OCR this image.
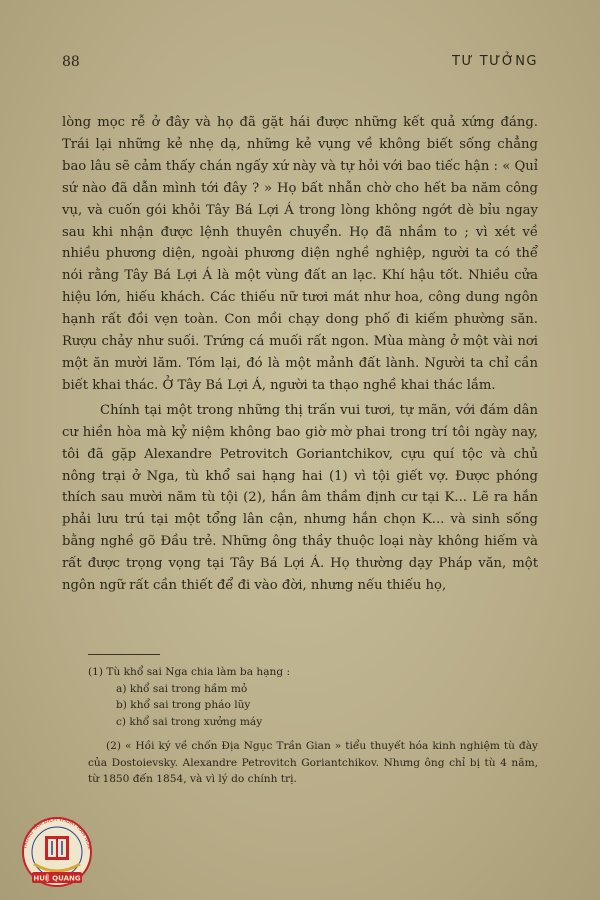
88	TƯ TƯỞNG

lòng mọc rễ ở đây và họ đã gặt hái được những kết quả xứng đáng. Trái lại những kẻ nhẹ dạ, những kẻ vụng về không biết sống chẳng bao lâu sẽ cảm thấy chán ngấy xứ này và tự hỏi với bao tiếc hận : « Quỉ sứ nào đã dẫn mình tới đây ? » Họ bất nhẫn chờ cho hết ba năm công vụ, và cuốn gói khỏi Tây Bá Lợi Á trong lòng không ngớt dè bỉu ngay sau khi nhận được lệnh thuyên chuyển. Họ đã nhầm to ; vì xét về nhiều phương diện, ngoài phương diện nghề nghiệp, người ta có thể nói rằng Tây Bá Lợi Á là một vùng đất an lạc. Khí hậu tốt. Nhiều cửa hiệu lớn, hiếu khách. Các thiếu nữ tươi mát như hoa, công dung ngôn hạnh rất đồi vẹn toàn. Con mồi chạy dong phố đi kiếm phường săn. Rượu chảy như suối. Trứng cá muối rất ngon. Mùa màng ở một vài nơi một ăn mười lăm. Tóm lại, đó là một mảnh đất lành. Người ta chỉ cần biết khai thác. Ở Tây Bá Lợi Á, người ta thạo nghề khai thác lắm.

Chính tại một trong những thị trấn vui tươi, tự mãn, với đám dân cư hiền hòa mà kỷ niệm không bao giờ mờ phai trong trí tôi ngày nay, tôi đã gặp Alexandre Petrovitch Goriantchikov, cựu quí tộc và chủ nông trại ở Nga, tù khổ sai hạng hai (1) vì tội giết vợ. Được phóng thích sau mười năm tù tội (2), hắn âm thầm định cư tại K... Lẽ ra hắn phải lưu trú tại một tổng lân cận, nhưng hắn chọn K... và sinh sống bằng nghề gõ Đầu trẻ. Những ông thầy thuộc loại này không hiếm và rất được trọng vọng tại Tây Bá Lợi Á. Họ thường dạy Pháp văn, một ngôn ngữ rất cần thiết để đi vào đời, nhưng nếu thiếu họ,

(1) Tù khổ sai Nga chia làm ba hạng :

a) khổ sai trong hầm mỏ

b) khổ sai trong pháo lũy

c) khổ sai trong xưởng máy

(2) « Hồi ký về chốn Địa Ngục Trần Gian » tiểu thuyết hóa kinh nghiệm tù đày của Dostoievsky. Alexandre Petrovitch Goriantchikov. Nhưng ông chỉ bị tù 4 năm, từ 1850 đến 1854, và vì lý do chính trị.

TRUNG TÂM DỊCH THUẬT HÁN NÔM
HUỆ QUANG
